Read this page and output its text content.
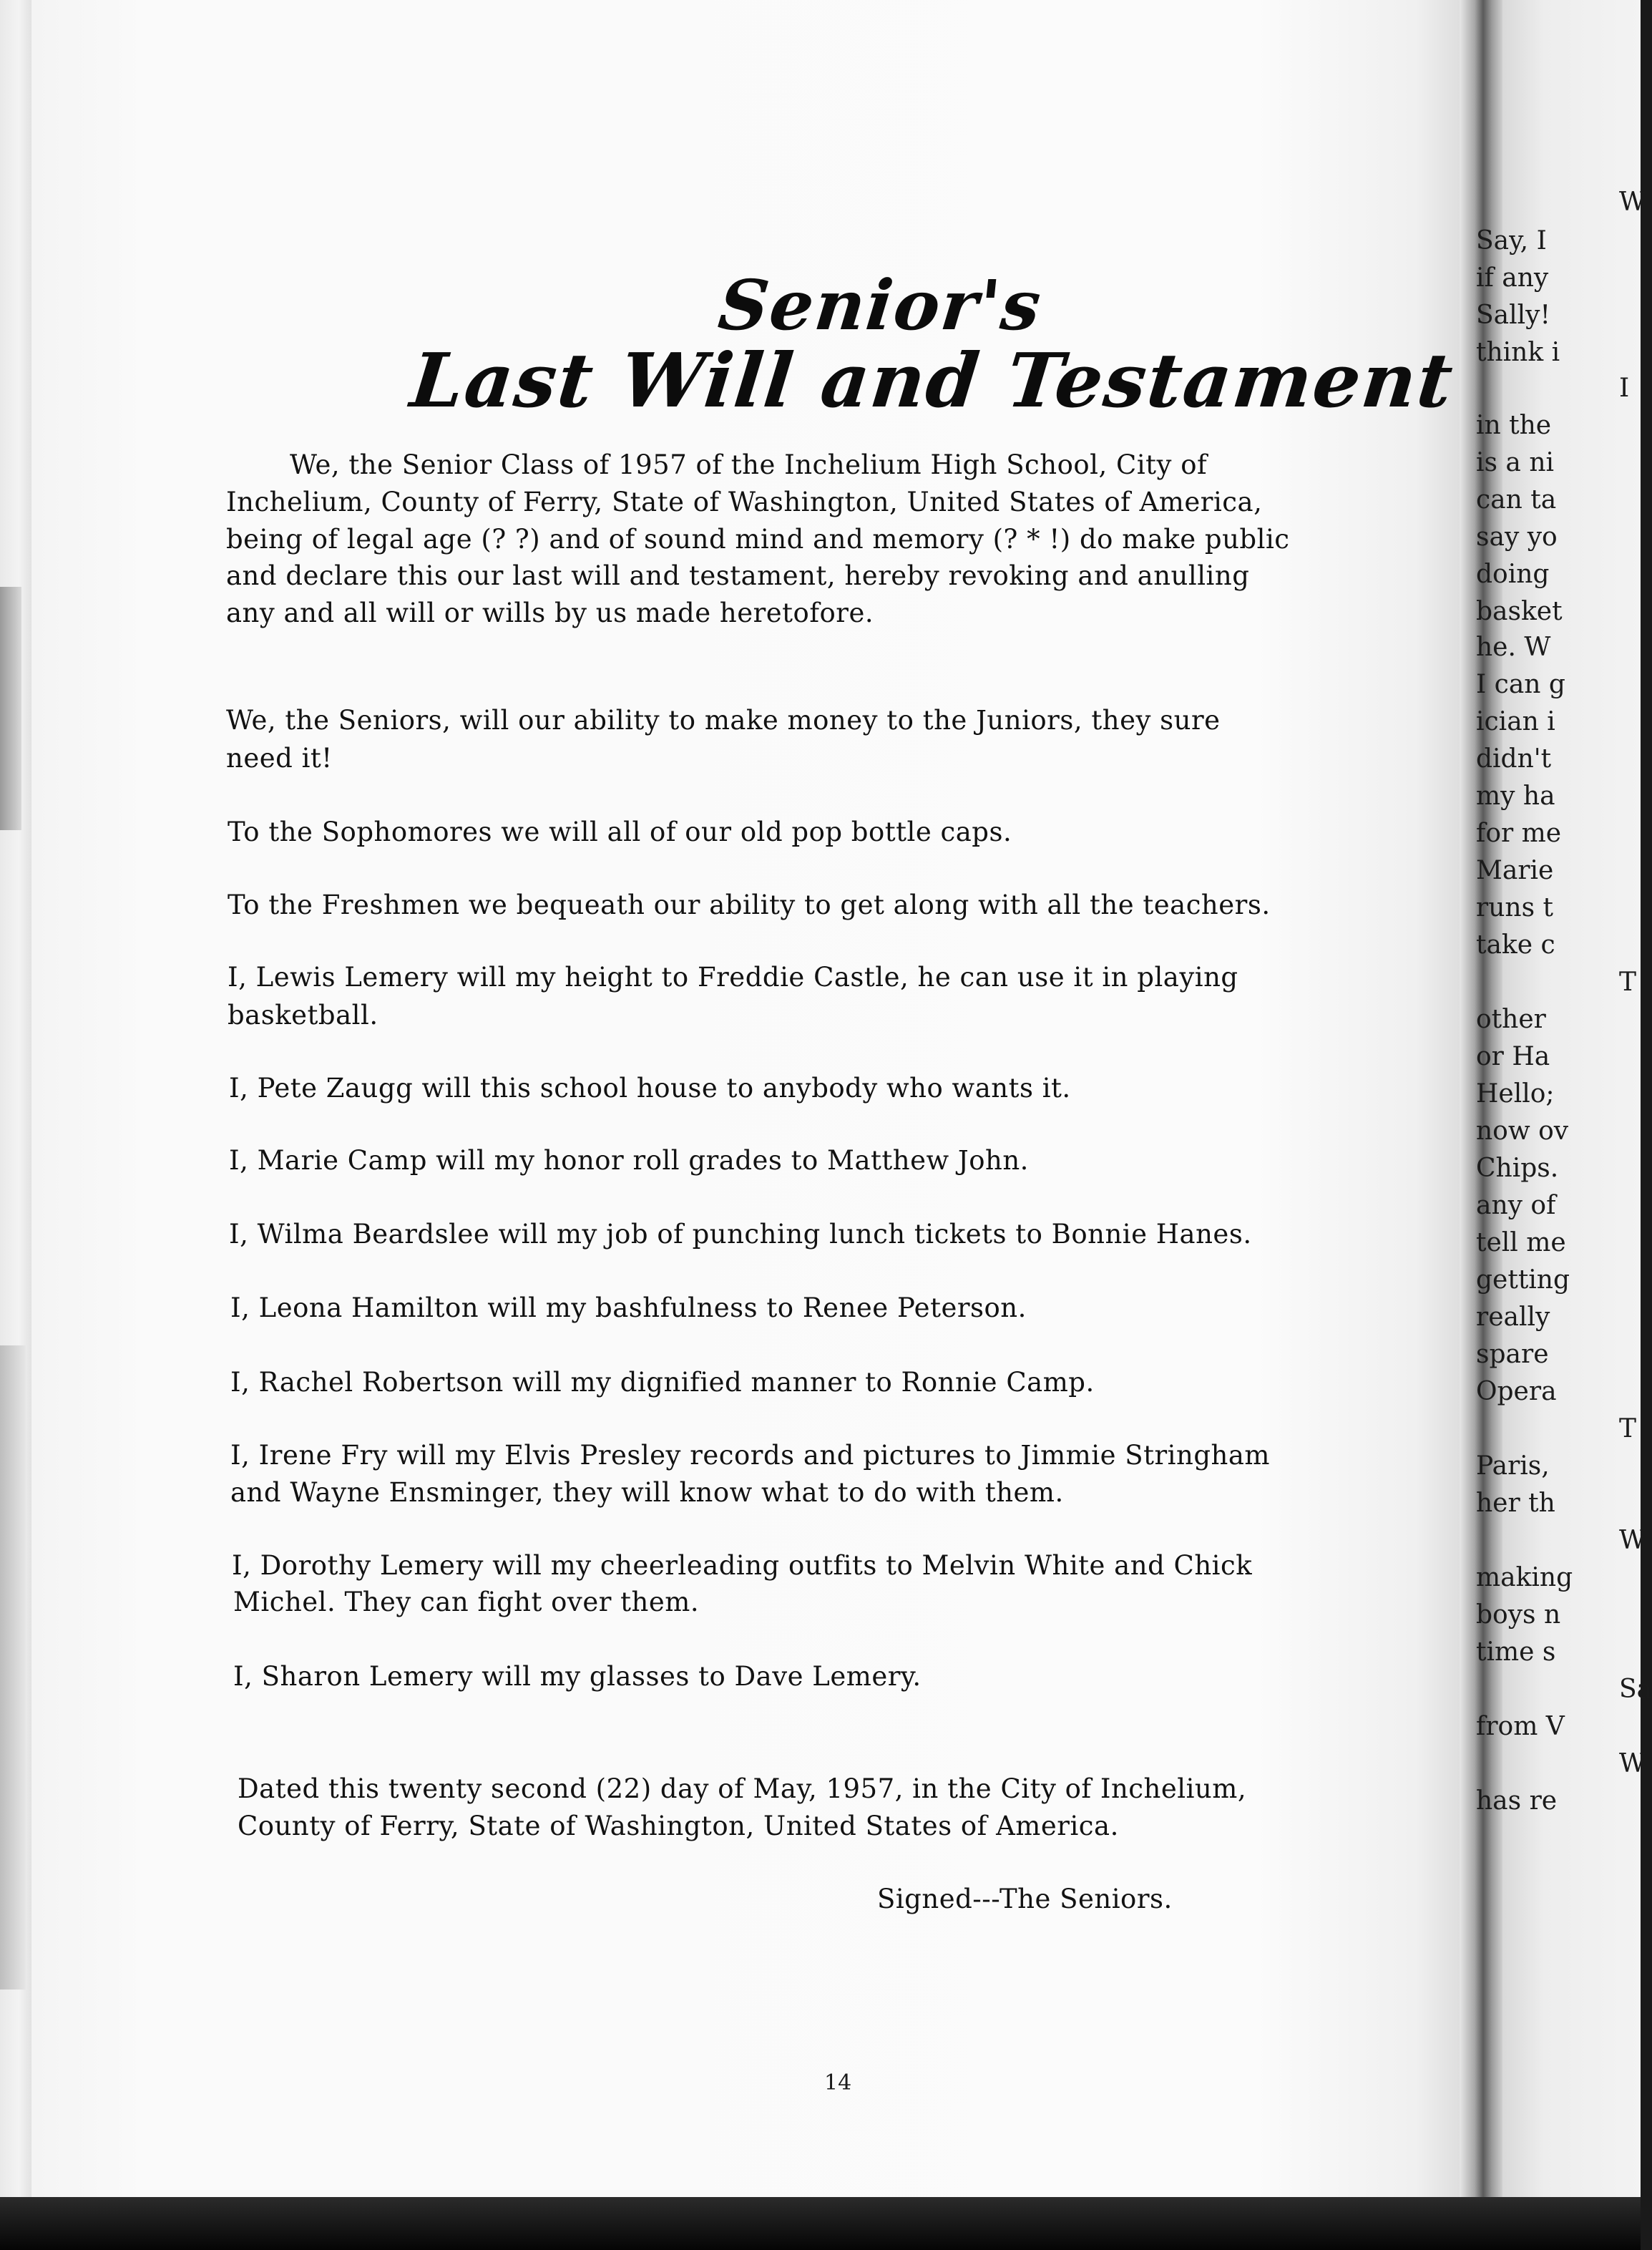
W
Say, I
if any
Sally!
think i
I
in the
is a ni
can ta
say yo
doing
basket
he. W
I can g
ician i
didn't
my ha
for me
Marie
runs t
take c
T
other
or Ha
Hello;
now ov
Chips.
any of
tell me
getting
really
spare
Opera
T
Paris,
her th
W
making
boys n
time s
Sa
from V
W
has re
Senior's
Last Will and Testament
We, the Senior Class of 1957 of the Inchelium High School, City of
Inchelium, County of Ferry, State of Washington, United States of America,
being of legal age (? ?) and of sound mind and memory (? * !) do make public
and declare this our last will and testament, hereby revoking and anulling
any and all will or wills by us made heretofore.
We, the Seniors, will our ability to make money to the Juniors, they sure
need it!
To the Sophomores we will all of our old pop bottle caps.
To the Freshmen we bequeath our ability to get along with all the teachers.
I, Lewis Lemery will my height to Freddie Castle, he can use it in playing
basketball.
I, Pete Zaugg will this school house to anybody who wants it.
I, Marie Camp will my honor roll grades to Matthew John.
I, Wilma Beardslee will my job of punching lunch tickets to Bonnie Hanes.
I, Leona Hamilton will my bashfulness to Renee Peterson.
I, Rachel Robertson will my dignified manner to Ronnie Camp.
I, Irene Fry will my Elvis Presley records and pictures to Jimmie Stringham
and Wayne Ensminger, they will know what to do with them.
I, Dorothy Lemery will my cheerleading outfits to Melvin White and Chick
Michel. They can fight over them.
I, Sharon Lemery will my glasses to Dave Lemery.
Dated this twenty second (22) day of May, 1957, in the City of Inchelium,
County of Ferry, State of Washington, United States of America.
Signed---The Seniors.
14
